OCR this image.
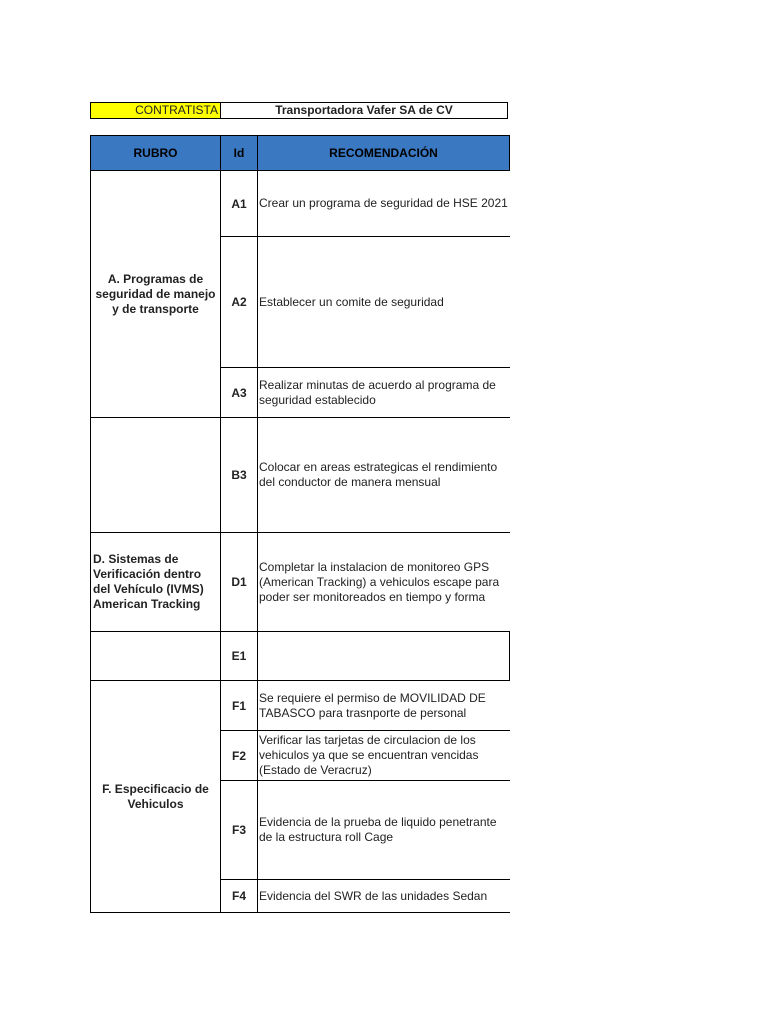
CONTRATISTA	Transportadora Vafer SA de CV
RUBRO	Id	RECOMENDACIÓN
A. Programas de seguridad de manejo y de transporte	A1	Crear un programa de seguridad de HSE 2021
	A2	Establecer un comite de seguridad
	A3	Realizar minutas de acuerdo al programa de seguridad establecido
	B3	Colocar en areas estrategicas el rendimiento del conductor de manera mensual
D. Sistemas de Verificación dentro del Vehículo (IVMS) American Tracking	D1	Completar la instalacion de monitoreo GPS (American Tracking) a vehiculos escape para poder ser monitoreados en tiempo y forma
	E1	
F. Especificacio de Vehiculos	F1	Se requiere el permiso de MOVILIDAD DE TABASCO para trasnporte de personal
	F2	Verificar las tarjetas de circulacion de los vehiculos ya que se encuentran vencidas (Estado de Veracruz)
	F3	Evidencia de la prueba de liquido penetrante de la estructura roll Cage
	F4	Evidencia del SWR de las unidades Sedan
